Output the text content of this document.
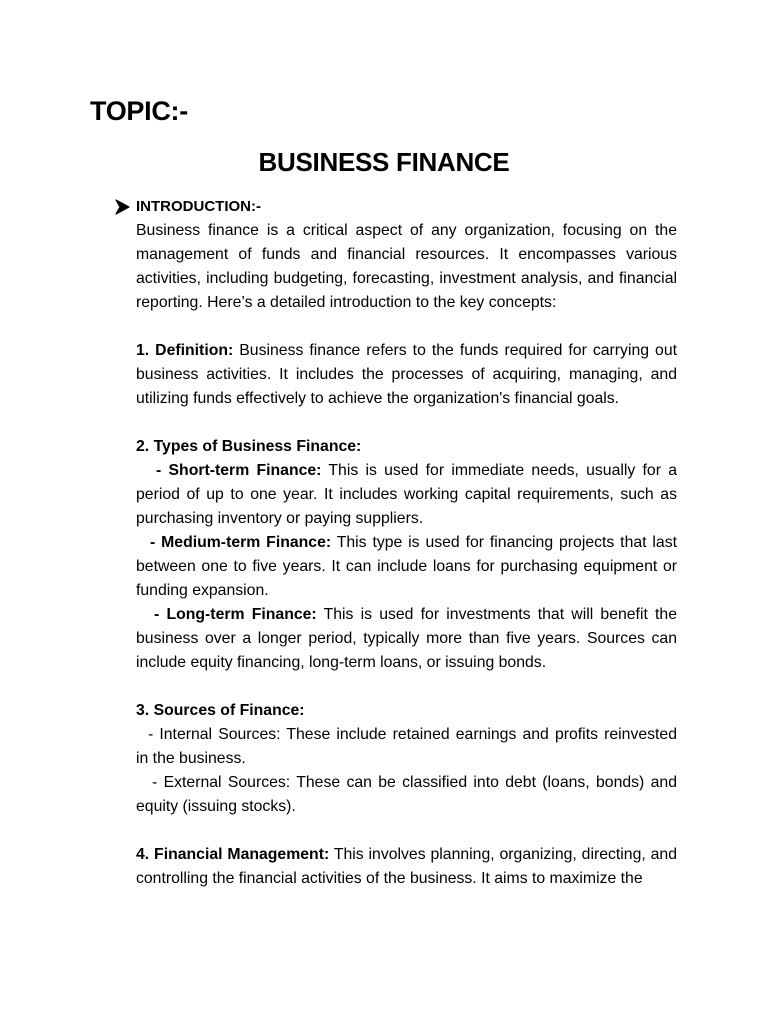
TOPIC:-
BUSINESS FINANCE
INTRODUCTION:-

Business finance is a critical aspect of any organization, focusing on the management of funds and financial resources. It encompasses various activities, including budgeting, forecasting, investment analysis, and financial reporting. Here’s a detailed introduction to the key concepts:

1. Definition: Business finance refers to the funds required for carrying out business activities. It includes the processes of acquiring, managing, and utilizing funds effectively to achieve the organization's financial goals.

2. Types of Business Finance:

- Short-term Finance: This is used for immediate needs, usually for a period of up to one year. It includes working capital requirements, such as purchasing inventory or paying suppliers.

- Medium-term Finance: This type is used for financing projects that last between one to five years. It can include loans for purchasing equipment or funding expansion.

- Long-term Finance: This is used for investments that will benefit the business over a longer period, typically more than five years. Sources can include equity financing, long-term loans, or issuing bonds.

3. Sources of Finance:

- Internal Sources: These include retained earnings and profits reinvested in the business.

- External Sources: These can be classified into debt (loans, bonds) and equity (issuing stocks).

4. Financial Management: This involves planning, organizing, directing, and controlling the financial activities of the business. It aims to maximize the
